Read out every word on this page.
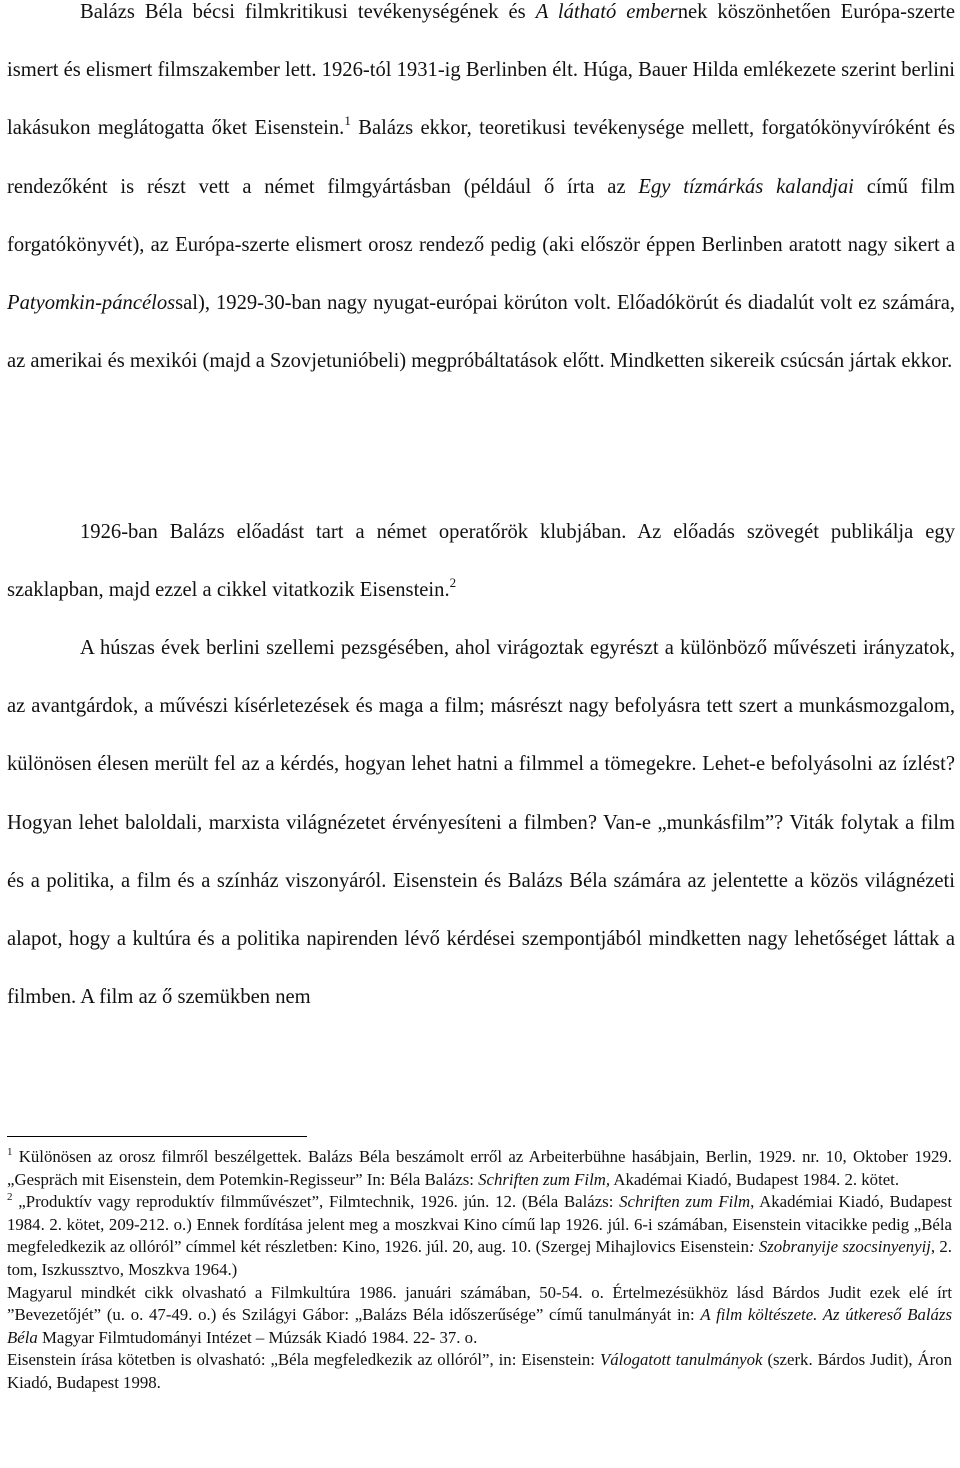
Balázs Béla bécsi filmkritikusi tevékenységének és A látható embernek köszönhetően Európa-szerte ismert és elismert filmszakember lett. 1926-tól 1931-ig Berlinben élt. Húga, Bauer Hilda emlékezete szerint berlini lakásukon meglátogatta őket Eisenstein.$^1$ Balázs ekkor, teoretikusi tevékenysége mellett, forgatókönyvíróként és rendezőként is részt vett a német filmgyártásban (például ő írta az Egy tízmárkás kalandjai című film forgatókönyvét), az Európa-szerte elismert orosz rendező pedig (aki először éppen Berlinben aratott nagy sikert a Patyomkin-páncélossal), 1929-30-ban nagy nyugat-európai körúton volt. Előadókörút és diadalút volt ez számára, az amerikai és mexikói (majd a Szovjetunióbeli) megpróbáltatások előtt. Mindketten sikereik csúcsán jártak ekkor.

1926-ban Balázs előadást tart a német operatőrök klubjában. Az előadás szövegét publikálja egy szaklapban, majd ezzel a cikkel vitatkozik Eisenstein.$^2$

A húszas évek berlini szellemi pezsgésében, ahol virágoztak egyrészt a különböző művészeti irányzatok, az avantgárdok, a művészi kísérletezések és maga a film; másrészt nagy befolyásra tett szert a munkásmozgalom, különösen élesen merült fel az a kérdés, hogyan lehet hatni a filmmel a tömegekre. Lehet-e befolyásolni az ízlést? Hogyan lehet baloldali, marxista világnézetet érvényesíteni a filmben? Van-e „munkásfilm”? Viták folytak a film és a politika, a film és a színház viszonyáról. Eisenstein és Balázs Béla számára az jelentette a közös világnézeti alapot, hogy a kultúra és a politika napirenden lévő kérdései szempontjából mindketten nagy lehetőséget láttak a filmben. A film az ő szemükben nem

$^1$ Különösen az orosz filmről beszélgettek. Balázs Béla beszámolt erről az Arbeiterbühne hasábjain, Berlin, 1929. nr. 10, Oktober 1929.„Gespräch mit Eisenstein, dem Potemkin-Regisseur” In: Béla Balázs: Schriften zum Film, Akadémai Kiadó, Budapest 1984. 2. kötet.

$^2$ „Produktív vagy reproduktív filmművészet”, Filmtechnik, 1926. jún. 12. (Béla Balázs: Schriften zum Film, Akadémiai Kiadó, Budapest 1984. 2. kötet, 209-212. o.) Ennek fordítása jelent meg a moszkvai Kino című lap 1926. júl. 6-i számában, Eisenstein vitacikke pedig „Béla megfeledkezik az ollóról” címmel két részletben: Kino, 1926. júl. 20, aug. 10. (Szergej Mihajlovics Eisenstein: Szobranyije szocsinyenyij, 2. tom, Iszkussztvo, Moszkva 1964.)

Magyarul mindkét cikk olvasható a Filmkultúra 1986. januári számában, 50-54. o. Értelmezésükhöz lásd Bárdos Judit ezek elé írt ”Bevezetőjét” (u. o. 47-49. o.) és Szilágyi Gábor: „Balázs Béla időszerűsége” című tanulmányát in: A film költészete. Az útkereső Balázs Béla Magyar Filmtudományi Intézet – Múzsák Kiadó 1984. 22- 37. o.

Eisenstein írása kötetben is olvasható: „Béla megfeledkezik az ollóról”, in: Eisenstein: Válogatott tanulmányok (szerk. Bárdos Judit), Áron Kiadó, Budapest 1998.
